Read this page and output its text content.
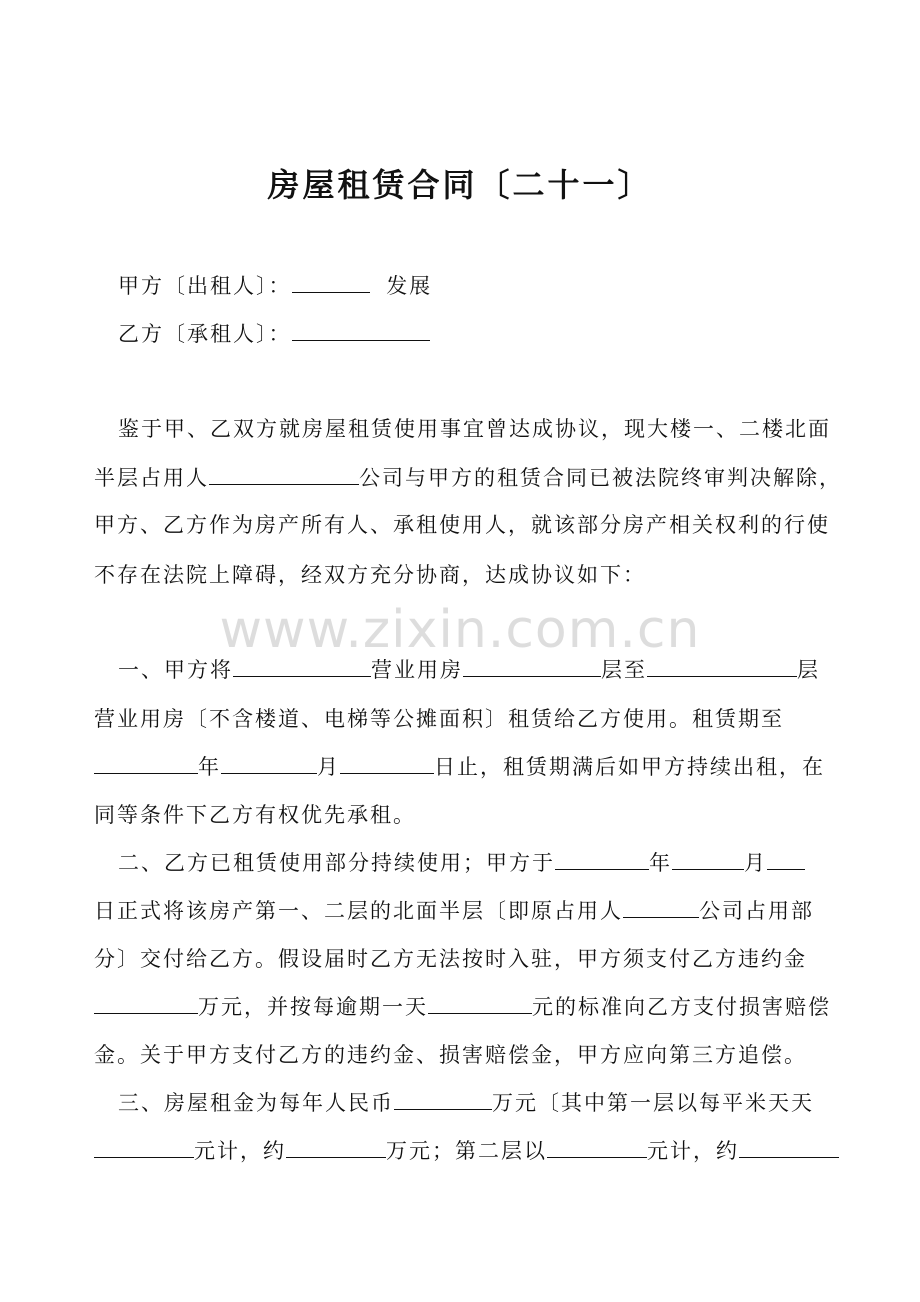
www.zixin.com.cn
房屋租赁合同〔二十一〕
甲方〔出租人〕：	发展
乙方〔承租人〕：
鉴于甲、乙双方就房屋租赁使用事宜曾达成协议，现大楼一、二楼北面
半层占用人	公司与甲方的租赁合同已被法院终审判决解除，
甲方、乙方作为房产所有人、承租使用人，就该部分房产相关权利的行使
不存在法院上障碍，经双方充分协商，达成协议如下：
一、甲方将	营业用房	层至	层
营业用房〔不含楼道、电梯等公摊面积〕租赁给乙方使用。租赁期至
年	月	日止，租赁期满后如甲方持续出租，在
同等条件下乙方有权优先承租。
二、乙方已租赁使用部分持续使用；甲方于	年	月
日正式将该房产第一、二层的北面半层〔即原占用人	公司占用部
分〕交付给乙方。假设届时乙方无法按时入驻，甲方须支付乙方违约金
万元，并按每逾期一天	元的标准向乙方支付损害赔偿
金。关于甲方支付乙方的违约金、损害赔偿金，甲方应向第三方追偿。
三、房屋租金为每年人民币	万元〔其中第一层以每平米天天
元计，约	万元；第二层以	元计，约
